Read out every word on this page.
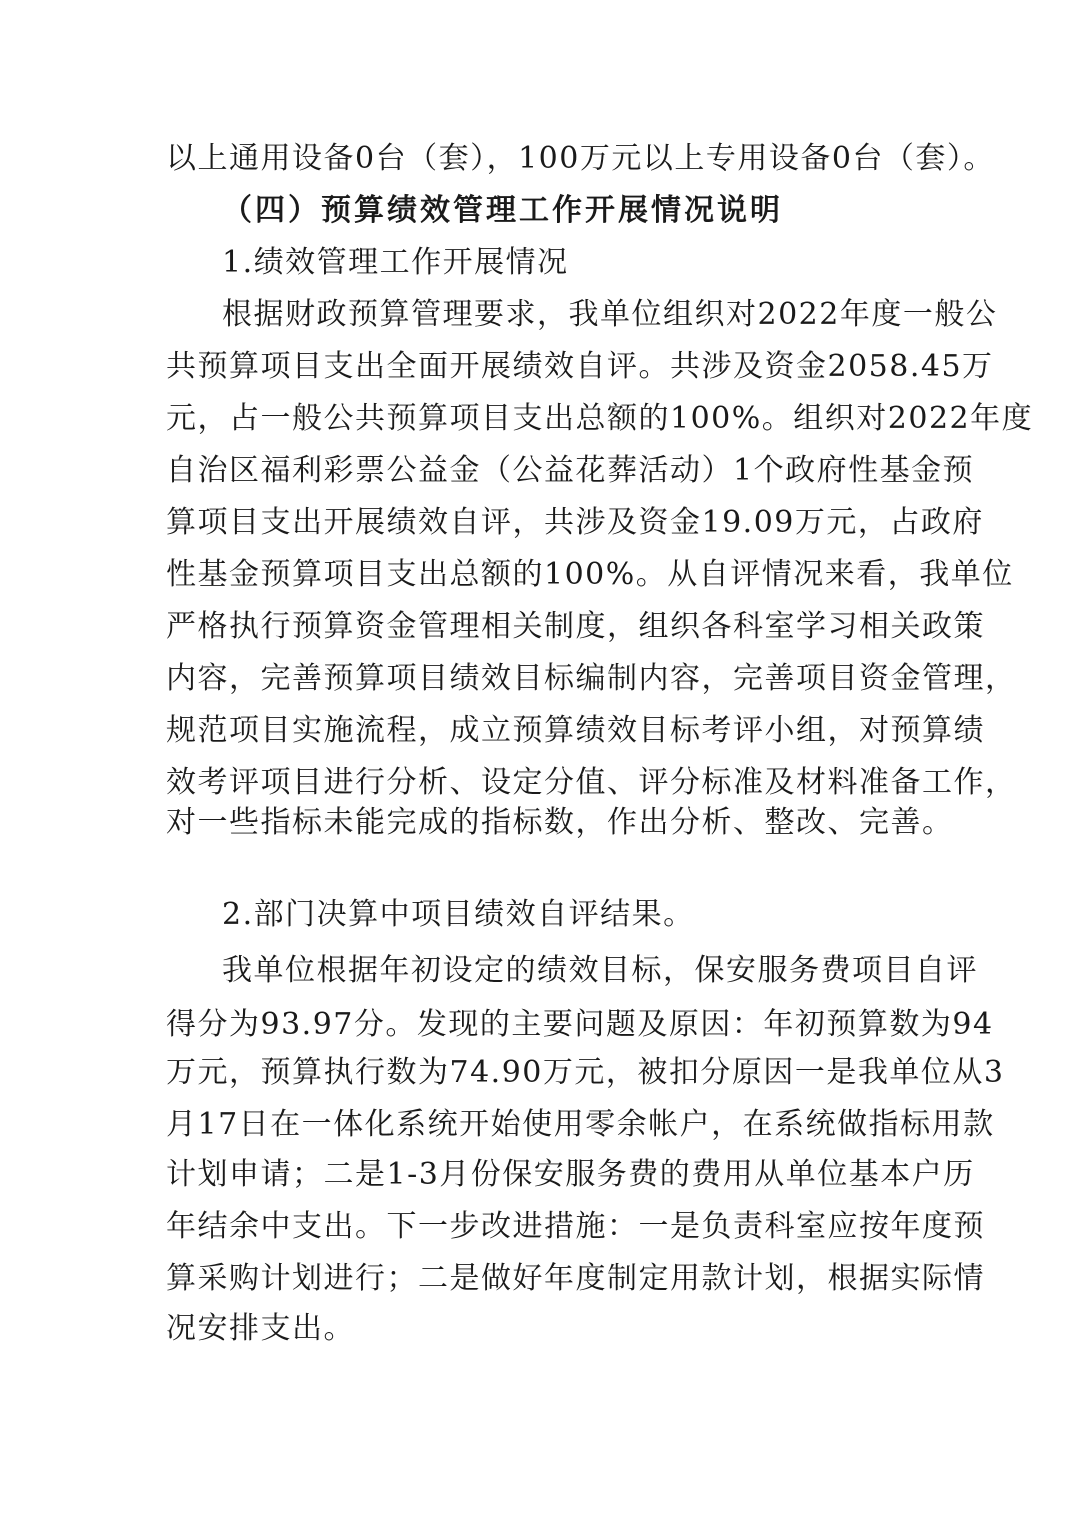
以上通用设备0台（套），100万元以上专用设备0台（套）。
（四）预算绩效管理工作开展情况说明
1.绩效管理工作开展情况
根据财政预算管理要求，我单位组织对2022年度一般公
共预算项目支出全面开展绩效自评。共涉及资金2058.45万
元，占一般公共预算项目支出总额的100%。组织对2022年度
自治区福利彩票公益金（公益花葬活动）1个政府性基金预
算项目支出开展绩效自评，共涉及资金19.09万元，占政府
性基金预算项目支出总额的100%。从自评情况来看，我单位
严格执行预算资金管理相关制度，组织各科室学习相关政策
内容，完善预算项目绩效目标编制内容，完善项目资金管理，
规范项目实施流程，成立预算绩效目标考评小组，对预算绩
效考评项目进行分析、设定分值、评分标准及材料准备工作，
对一些指标未能完成的指标数，作出分析、整改、完善。
2.部门决算中项目绩效自评结果。
我单位根据年初设定的绩效目标，保安服务费项目自评
得分为93.97分。发现的主要问题及原因：年初预算数为94
万元，预算执行数为74.90万元，被扣分原因一是我单位从3
月17日在一体化系统开始使用零余帐户，在系统做指标用款
计划申请；二是1-3月份保安服务费的费用从单位基本户历
年结余中支出。下一步改进措施：一是负责科室应按年度预
算采购计划进行；二是做好年度制定用款计划，根据实际情
况安排支出。
